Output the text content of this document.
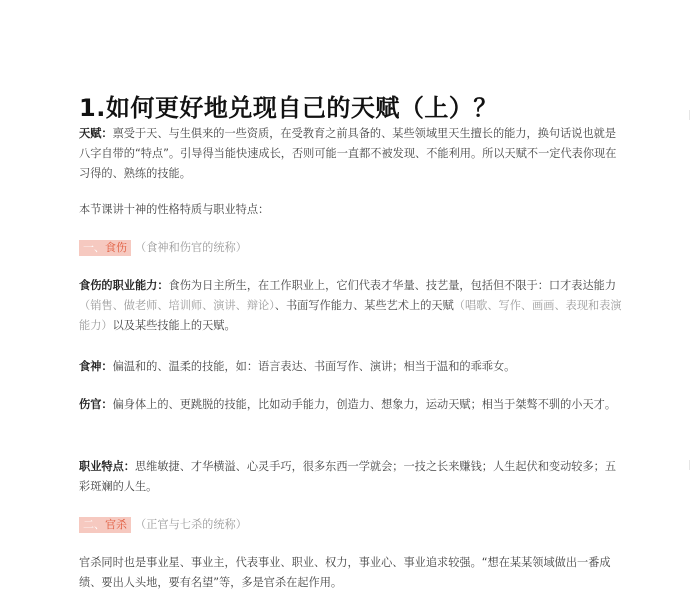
1.如何更好地兑现自己的天赋（上）？

天赋：禀受于天、与生俱来的一些资质，在受教育之前具备的、某些领域里天生擅长的能力，换句话说也就是八字自带的“特点”。引导得当能快速成长，否则可能一直都不被发现、不能利用。所以天赋不一定代表你现在习得的、熟练的技能。

本节课讲十神的性格特质与职业特点：

一、食伤 （食神和伤官的统称）

食伤的职业能力：食伤为日主所生，在工作职业上，它们代表才华量、技艺量，包括但不限于：口才表达能力（销售、做老师、培训师、演讲、辩论）、书面写作能力、某些艺术上的天赋（唱歌、写作、画画、表现和表演能力）以及某些技能上的天赋。

食神：偏温和的、温柔的技能，如：语言表达、书面写作、演讲；相当于温和的乖乖女。

伤官：偏身体上的、更跳脱的技能，比如动手能力，创造力、想象力，运动天赋；相当于桀骜不驯的小天才。

职业特点：思维敏捷、才华横溢、心灵手巧，很多东西一学就会；一技之长来赚钱；人生起伏和变动较多；五彩斑斓的人生。

二、官杀 （正官与七杀的统称）

官杀同时也是事业星、事业主，代表事业、职业、权力，事业心、事业追求较强。“想在某某领域做出一番成绩、要出人头地，要有名望”等，多是官杀在起作用。
